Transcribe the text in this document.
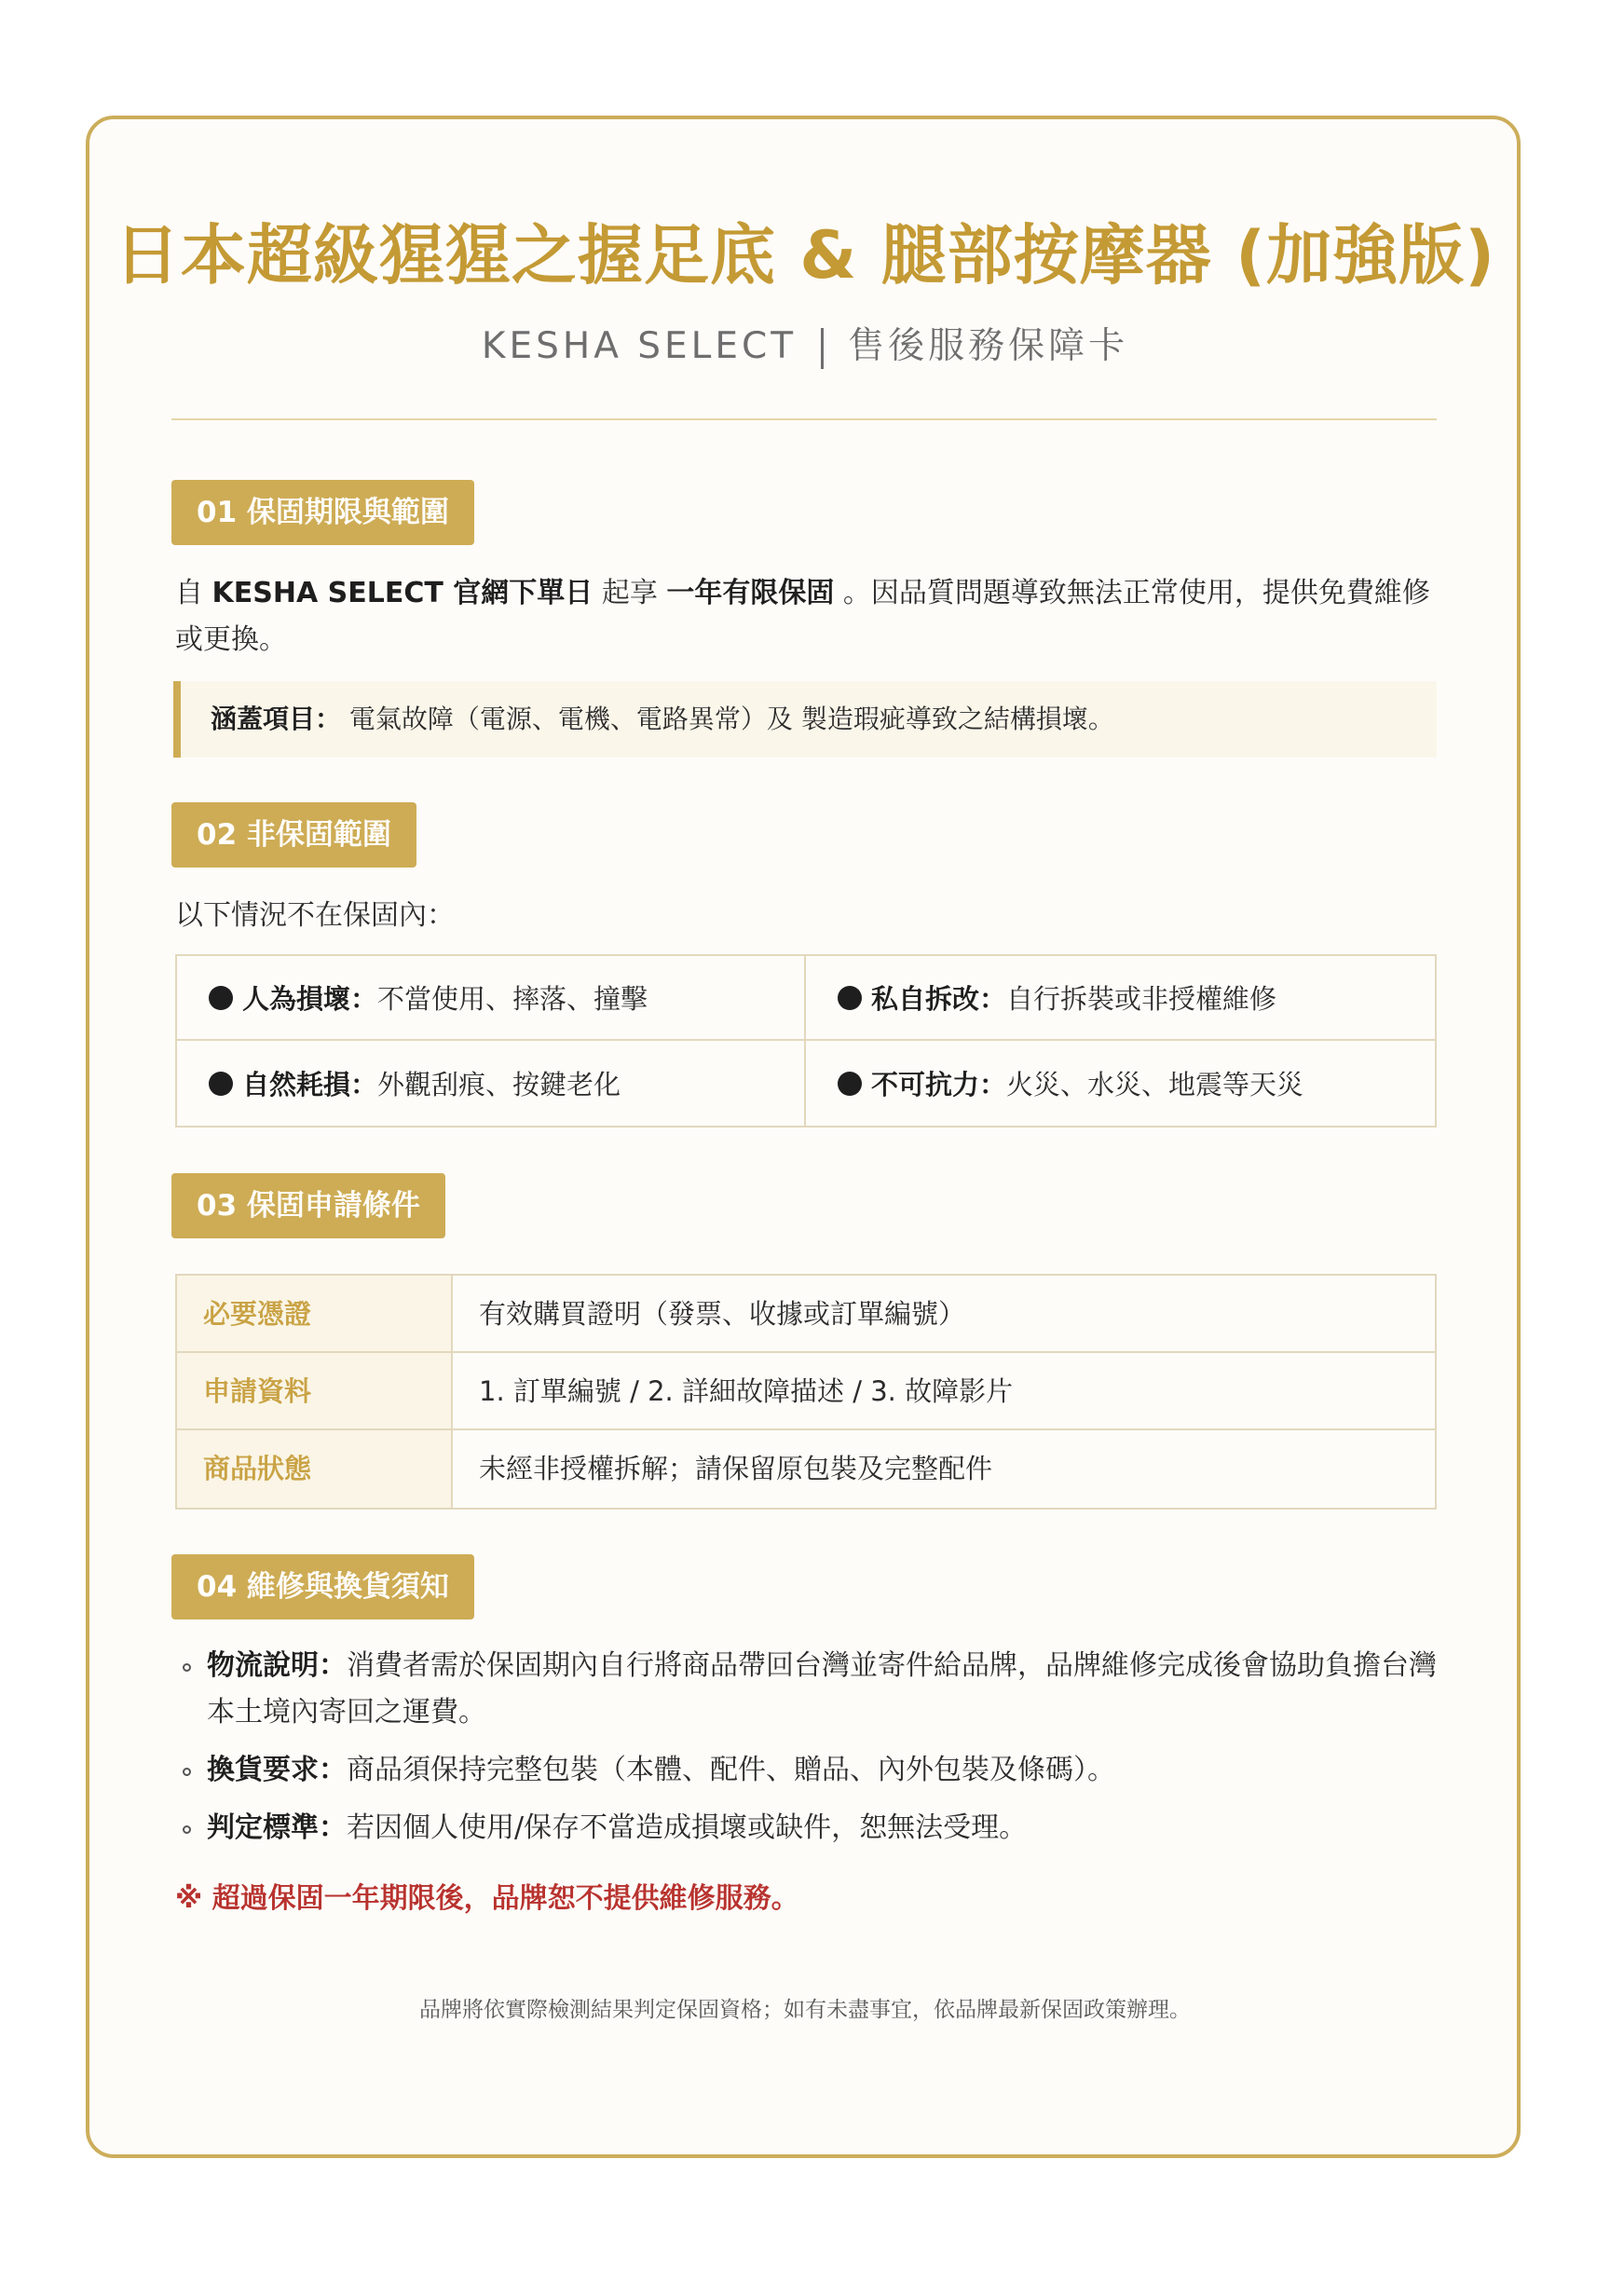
日本超級猩猩之握足底 & 腿部按摩器 (加強版)
KESHA SELECT 售後服務保障卡
01 保固期限與範圍
自 KESHA SELECT 官網下單日 起享 一年有限保固 。因品質問題導致無法正常使用，提供免費維修或更換。
涵蓋項目： 電氣故障（電源、電機、電路異常）及 製造瑕疵導致之結構損壞。
02 非保固範圍
以下情況不在保固內：
人為損壞： 不當使用、摔落、撞擊	私自拆改： 自行拆裝或非授權維修
自然耗損： 外觀刮痕、按鍵老化	不可抗力： 火災、水災、地震等天災
03 保固申請條件
必要憑證	有效購買證明（發票、收據或訂單編號）
申請資料	1. 訂單編號 / 2. 詳細故障描述 / 3. 故障影片
商品狀態	未經非授權拆解；請保留原包裝及完整配件
04 維修與換貨須知
物流說明：消費者需於保固期內自行將商品帶回台灣並寄件給品牌，品牌維修完成後會協助負擔台灣本土境內寄回之運費。
換貨要求：商品須保持完整包裝（本體、配件、贈品、內外包裝及條碼）。
判定標準：若因個人使用/保存不當造成損壞或缺件，恕無法受理。
※ 超過保固一年期限後，品牌恕不提供維修服務。
品牌將依實際檢測結果判定保固資格；如有未盡事宜，依品牌最新保固政策辦理。
